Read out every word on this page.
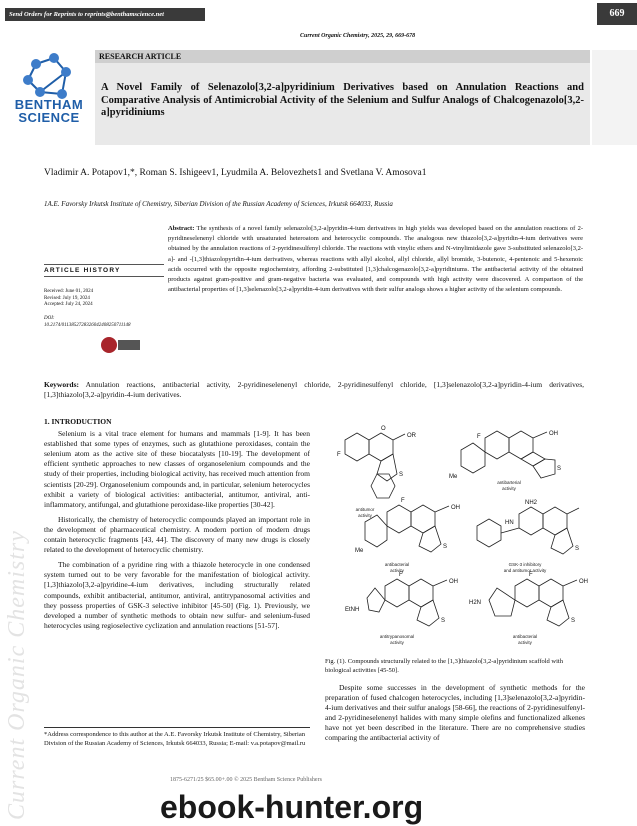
Send Orders for Reprints to reprints@benthamscience.net	669
Current Organic Chemistry, 2025, 29, 669-678
BENTHAM
SCIENCE
RESEARCH ARTICLE
A Novel Family of Selenazolo[3,2-a]pyridinium Derivatives based on Annulation Reactions and Comparative Analysis of Antimicrobial Activity of the Selenium and Sulfur Analogs of Chalcogenazolo[3,2-a]pyridiniums
Vladimir A. Potapov1,*, Roman S. Ishigeev1, Lyudmila A. Belovezhets1 and Svetlana V. Amosova1
1A.E. Favorsky Irkutsk Institute of Chemistry, Siberian Division of the Russian Academy of Sciences, Irkutsk 664033, Russia
Abstract: The synthesis of a novel family selenazolo[3,2-a]pyridin-4-ium derivatives in high yields was developed based on the annulation reactions of 2-pyridineselenenyl chloride with unsaturated heteroatom and heterocyclic compounds. The analogous new thiazolo[3,2-a]pyridin-4-ium derivatives were obtained by the annulation reactions of 2-pyridinesulfenyl chloride. The reactions with vinylic ethers and N-vinylimidazole gave 3-substituted selenazolo[3,2-a]- and -[1,3]thiazolopyridin-4-ium derivatives, whereas reactions with allyl alcohol, allyl chloride, allyl bromide, 3-butenoic, 4-pentenoic and 5-hexenoic acids occurred with the opposite regiochemistry, affording 2-substituted [1,3]chalcogenazolo[3,2-a]pyridiniums. The antibacterial activity of the obtained products against gram-positive and gram-negative bacteria was evaluated, and compounds with high activity were discovered. A comparison of the antibacterial properties of [1,3]selenazolo[3,2-a]pyridin-4-ium derivatives with their sulfur analogs shows a higher activity of the selenium compounds.
ARTICLE HISTORY
Received: June 01, 2024
Revised: July 19, 2024
Accepted: July 24, 2024
DOI:
10.2174/0113852728326042408250711148
Keywords: Annulation reactions, antibacterial activity, 2-pyridineselenenyl chloride, 2-pyridinesulfenyl chloride, [1,3]selenazolo[3,2-a]pyridin-4-ium derivatives, [1,3]thiazolo[3,2-a]pyridin-4-ium derivatives.
Current Organic Chemistry
1. INTRODUCTION

Selenium is a vital trace element for humans and mammals [1-9]. It has been established that some types of enzymes, such as glutathione peroxidases, contain the selenium atom as the active site of these biocatalysts [10-19]. The development of efficient synthetic approaches to new classes of organoselenium compounds and the study of their properties, including biological activity, has received much attention from scientists [20-29]. Organoselenium compounds and, in particular, selenium heterocycles exhibit a variety of biological activities: antibacterial, antitumor, antiviral, anti-inflammatory, antifungal, and glutathione peroxidase-like properties [30-42].

Historically, the chemistry of heterocyclic compounds played an important role in the development of pharmaceutical chemistry. A modern portion of modern drugs contain heterocyclic fragments [43, 44]. The discovery of many new drugs is closely related to the development of heterocyclic chemistry.

The combination of a pyridine ring with a thiazole heterocycle in one condensed system turned out to be very favorable for the manifestation of biological activity. [1,3]thiazolo[3,2-a]pyridine-4-ium derivatives, including structurally related compounds, exhibit antibacterial, antitumor, antiviral, antitrypanosomal activities and they possess properties of GSK-3 selective inhibitor [45-50] (Fig. 1). Previously, we developed a number of synthetic methods to obtain new sulfur- and selenium-fused heterocycles using regioselective cyclization and annulation reactions [51-57].

*Address correspondence to this author at the A.E. Favorsky Irkutsk Institute of Chemistry, Siberian Division of the Russian Academy of Sciences, Irkutsk 664033, Russia; E-mail: v.a.potapov@mail.ru
F
O
OR
S
F	OH
S
Me
F
OH
S
Me
NH2
HN
S
F
OH
S
EtNH
F
OH
S
H2N
antitumor
activity
antibarterial
activity
antibacterial
activity
GSK-3 inhibitory
and antitumor activity
antitrypanosomal
activity
antibacterial
activity
Fig. (1). Compounds structurally related to the [1,3]thiazolo[3,2-a]pyridinium scaffold with biological activities [45-50].

Despite some successes in the development of synthetic methods for the preparation of fused chalcogen heterocycles, including [1,3]selenazolo[3,2-a]pyridin-4-ium derivatives and their sulfur analogs [58-66], the reactions of 2-pyridinesulfenyl- and 2-pyridineselenenyl halides with many simple olefins and functionalized alkenes have not yet been described in the literature. There are no comprehensive studies comparing the antibacterial activity of

1875-6271/25 $65.00+.00 © 2025 Bentham Science Publishers
ebook-hunter.org
